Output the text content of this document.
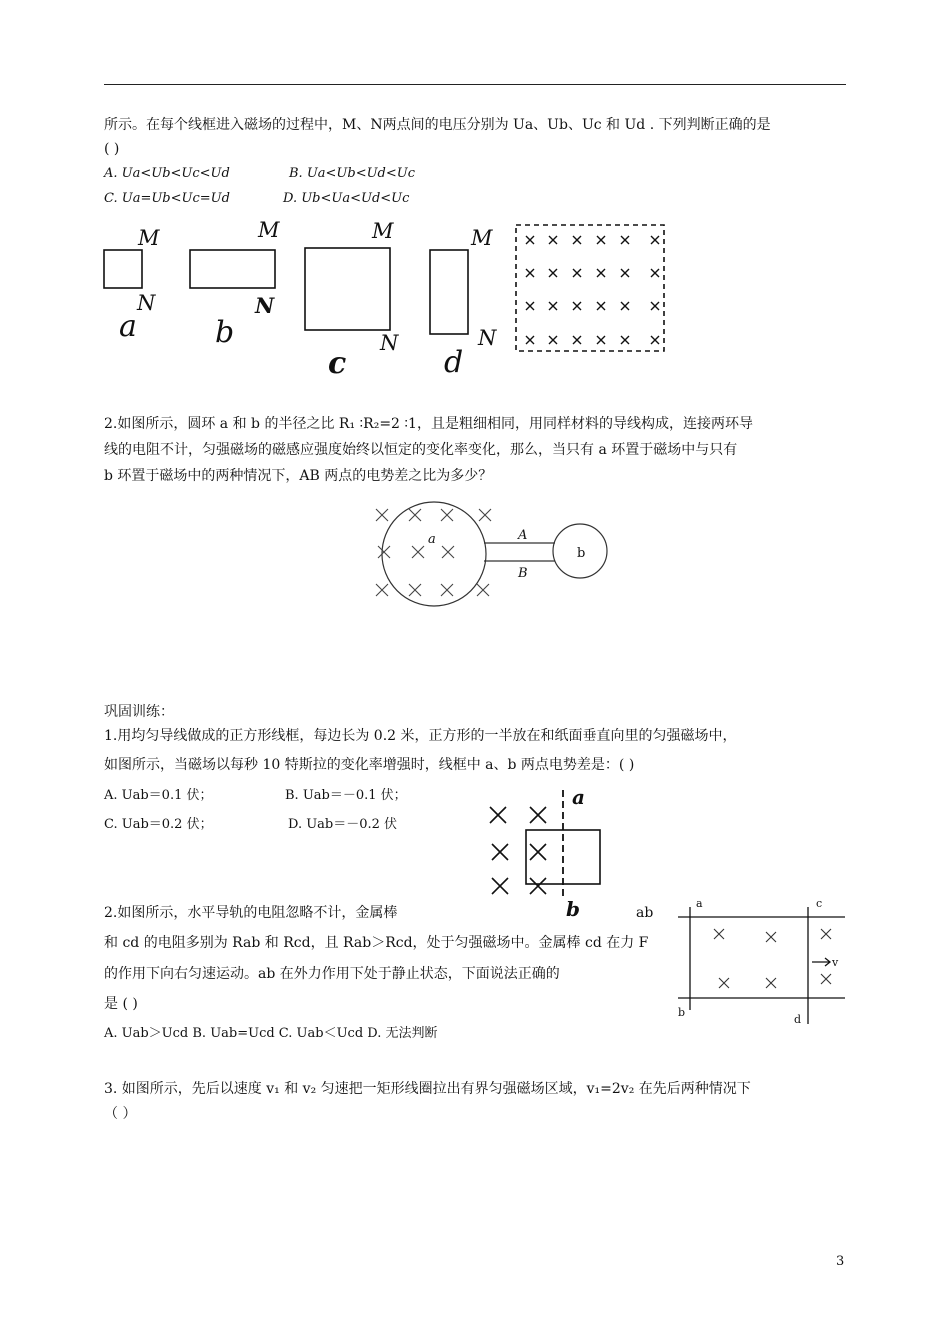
所示。在每个线框进入磁场的过程中，M、N两点间的电压分别为 Ua、Ub、Uc 和 Ud . 下列判断正确的是
( )
A. Ua<Ub<Uc<Ud	B. Ua<Ub<Ud<Uc
C. Ua=Ub<Uc=Ud	D. Ub<Ua<Ud<Uc
M	M	M	M
N	N
N	N
a	b
c	d
2.如图所示，圆环 a 和 b 的半径之比 R₁ ∶R₂=2 ∶1，且是粗细相同，用同样材料的导线构成，连接两环导
线的电阻不计，匀强磁场的磁感应强度始终以恒定的变化率变化，那么，当只有 a 环置于磁场中与只有
b 环置于磁场中的两种情况下，AB 两点的电势差之比为多少？
a
b
A
B
巩固训练：
1.用均匀导线做成的正方形线框，每边长为 0.2 米，正方形的一半放在和纸面垂直向里的匀强磁场中，
如图所示，当磁场以每秒 10 特斯拉的变化率增强时，线框中 a、b 两点电势差是：( )
A. Uab＝0.1 伏；	B. Uab＝－0.1 伏；
C. Uab＝0.2 伏；	D. Uab＝－0.2 伏
a
b
2.如图所示，水平导轨的电阻忽略不计，金属棒	ab
和 cd 的电阻多别为 Rab 和 Rcd，且 Rab＞Rcd，处于匀强磁场中。金属棒 cd 在力 F
的作用下向右匀速运动。ab 在外力作用下处于静止状态，下面说法正确的
是 ( )
A. Uab＞Ucd B. Uab=Ucd C. Uab＜Ucd D. 无法判断
a
b
c
d
v
3. 如图所示，先后以速度 v₁ 和 v₂ 匀速把一矩形线圈拉出有界匀强磁场区域，v₁=2v₂ 在先后两种情况下
（ ）
3
